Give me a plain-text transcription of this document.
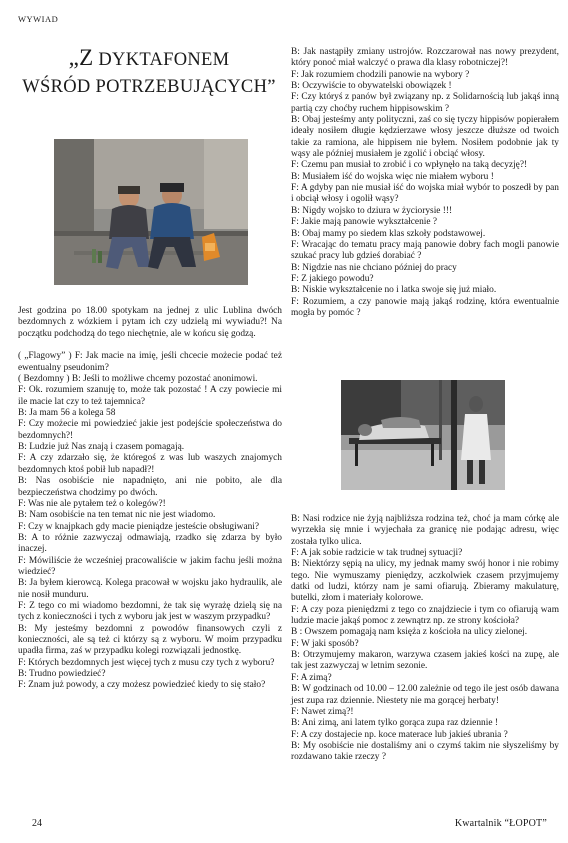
WYWIAD
„Z DYKTAFONEM
WŚRÓD POTRZEBUJĄCYCH”

Jest godzina po 18.00 spotykam na jednej z ulic Lublina dwóch bezdomnych z wózkiem i pytam ich czy udzielą mi wywiadu?! Na początku podchodzą do tego niechętnie, ale w końcu się godzą.

( „Flagowy” ) F: Jak macie na imię, jeśli chcecie możecie podać też ewentualny pseudonim?

( Bezdomny ) B: Jeśli to możliwe chcemy pozostać anonimowi.

F: Ok. rozumiem szanuję to, może tak pozostać ! A czy powiecie mi ile macie lat czy to też tajemnica?

B: Ja mam 56 a kolega 58

F: Czy możecie mi powiedzieć jakie jest podejście społeczeństwa do bezdomnych?!

B: Ludzie już Nas znają i czasem pomagają.

F: A czy zdarzało się, że któregoś z was lub waszych znajomych bezdomnych ktoś pobił lub napadł?!

B: Nas osobiście nie napadnięto, ani nie pobito, ale dla bezpieczeństwa chodzimy po dwóch.

F: Was nie ale pytałem też o kolegów?!

B: Nam osobiście na ten temat nic nie jest wiadomo.

F: Czy w knajpkach gdy macie pieniądze jesteście obsługiwani?

B: A to różnie zazwyczaj odmawiają, rzadko się zdarza by było inaczej.

F: Mówiliście że wcześniej pracowaliście w jakim fachu jeśli można wiedzieć?

B: Ja byłem kierowcą. Kolega pracował w wojsku jako hydraulik, ale nie nosił munduru.

F: Z tego co mi wiadomo bezdomni, że tak się wyrażę dzielą się na tych z konieczności i tych z wyboru jak jest w waszym przypadku?

B: My jesteśmy bezdomni z powodów finansowych czyli z konieczności, ale są też ci którzy są z wyboru. W moim przypadku upadła firma, zaś w przypadku kolegi rozwiązali jednostkę.

F: Których bezdomnych jest więcej tych z musu czy tych z wyboru?

B: Trudno powiedzieć?

F: Znam już powody, a czy możesz powiedzieć kiedy to się stało?

B: Jak nastąpiły zmiany ustrojów. Rozczarował nas nowy prezydent, który ponoć miał walczyć o prawa dla klasy robotniczej?!

F: Jak rozumiem chodzili panowie na wybory ?

B: Oczywiście to obywatelski obowiązek !

F: Czy któryś z panów był związany np. z Solidarnością lub jakąś inną partią czy choćby ruchem hippisowskim ?

B: Obaj jesteśmy anty polityczni, zaś co się tyczy hippisów popierałem ideały nosiłem długie kędzierzawe włosy jeszcze dłuższe od twoich takie za ramiona, ale hippisem nie byłem. Nosiłem podobnie jak ty wąsy ale później musiałem je zgolić i obciąć włosy.

F: Czemu pan musiał to zrobić i co wpłynęło na taką decyzję?!

B: Musiałem iść do wojska więc nie miałem wyboru !

F: A gdyby pan nie musiał iść do wojska miał wybór to poszedł by pan i obciął włosy i ogolił wąsy?

B: Nigdy wojsko to dziura w życiorysie !!!

F: Jakie mają panowie wykształcenie ?

B: Obaj mamy po siedem klas szkoły podstawowej.

F: Wracając do tematu pracy mają panowie dobry fach mogli panowie szukać pracy lub gdzieś dorabiać ?

B: Nigdzie nas nie chciano później do pracy

F: Z jakiego powodu?

B: Niskie wykształcenie no i latka swoje się już miało.

F: Rozumiem, a czy panowie mają jakąś rodzinę, która ewentualnie mogła by pomóc ?

B: Nasi rodzice nie żyją najbliższa rodzina też, choć ja mam córkę ale wyrzekła się mnie i wyjechała za granicę nie podając adresu, więc została tylko ulica.

F: A jak sobie radzicie w tak trudnej sytuacji?

B: Niektórzy sępią na ulicy, my jednak mamy swój honor i nie robimy tego. Nie wymuszamy pieniędzy, aczkolwiek czasem przyjmujemy datki od ludzi, którzy nam je sami ofiarują. Zbieramy makulaturę, butelki, złom i materiały kolorowe.

F: A czy poza pieniędzmi z tego co znajdziecie i tym co ofiarują wam ludzie macie jakąś pomoc z zewnątrz np. ze strony kościoła?

B : Owszem pomagają nam księża z kościoła na ulicy zielonej.

F: W jaki sposób?

B: Otrzymujemy makaron, warzywa czasem jakieś kości na zupę, ale tak jest zazwyczaj w letnim sezonie.

F: A zimą?

B: W godzinach od 10.00 – 12.00 zależnie od tego ile jest osób dawana jest zupa raz dziennie. Niestety nie ma gorącej herbaty!

F: Nawet zimą?!

B: Ani zimą, ani latem tylko gorąca zupa raz dziennie !

F: A czy dostajecie np. koce materace lub jakieś ubrania ?

B: My osobiście nie dostaliśmy ani o czymś takim nie słyszeliśmy by rozdawano takie rzeczy ?

24	Kwartalnik “ŁOPOT”
